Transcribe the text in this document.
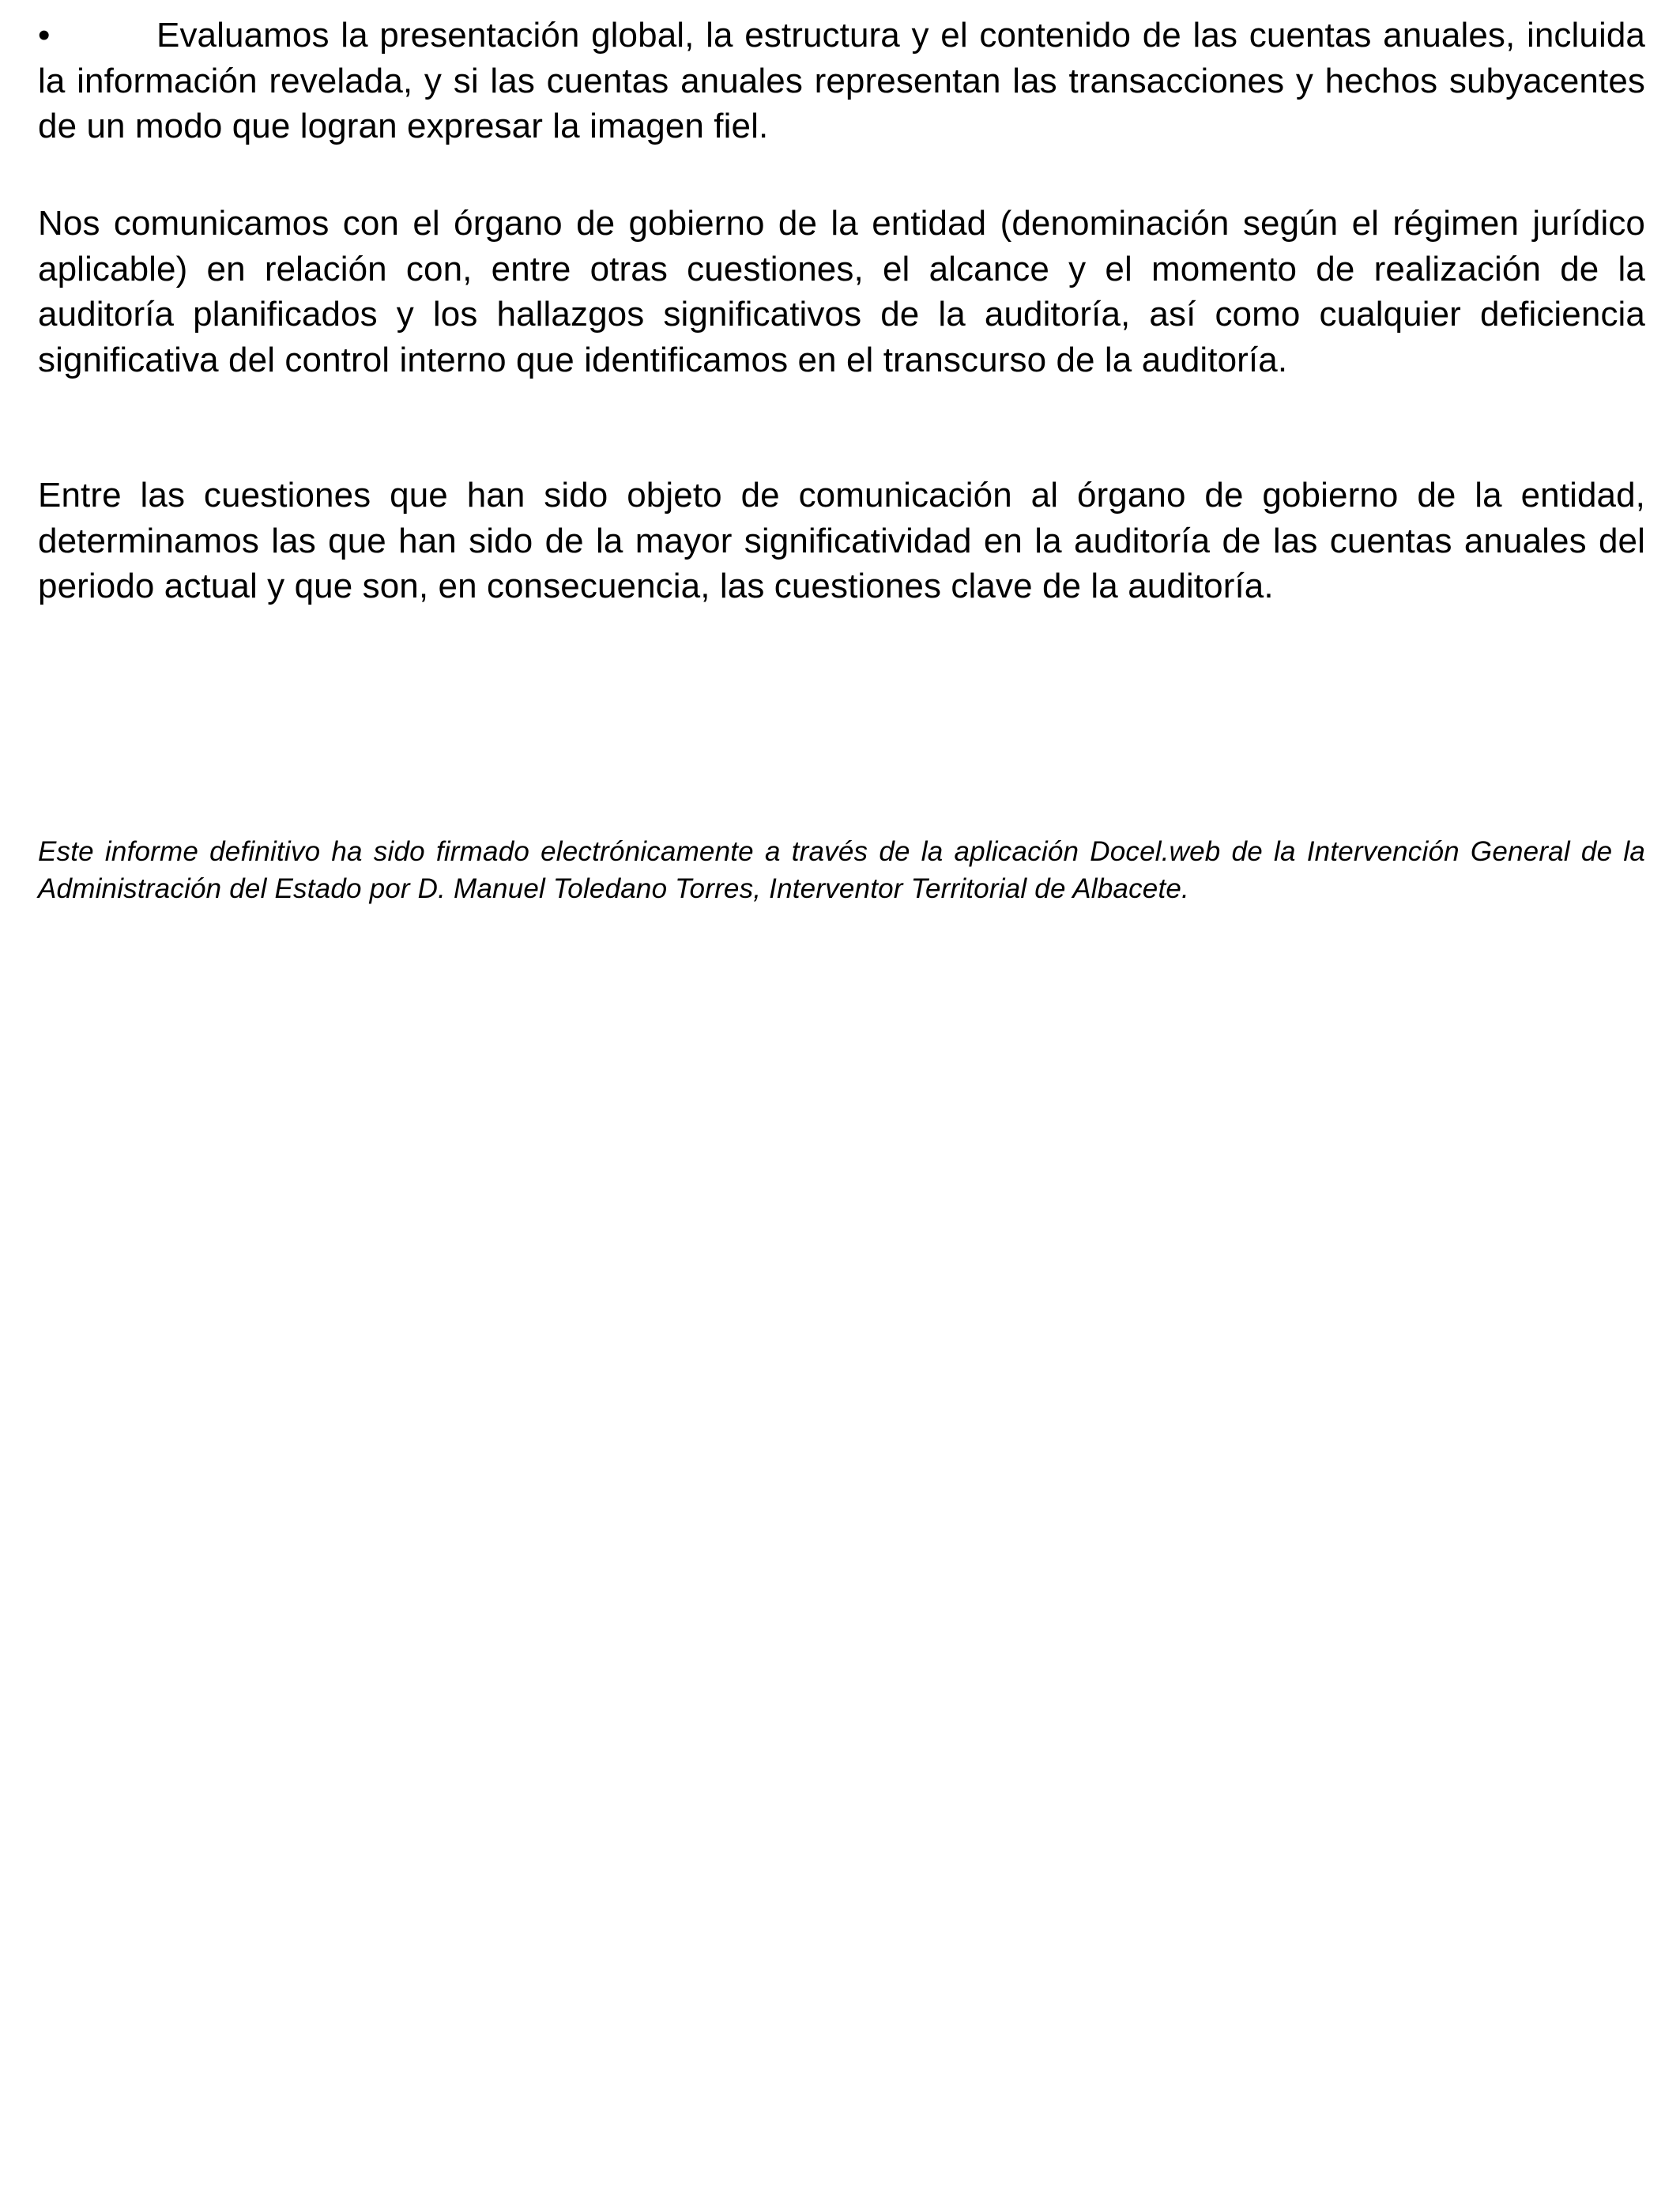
•	Evaluamos la presentación global, la estructura y el contenido de las cuentas anuales, incluida la información revelada, y si las cuentas anuales representan las transacciones y hechos subyacentes de un modo que logran expresar la imagen fiel.

Nos comunicamos con el órgano de gobierno de la entidad (denominación según el régimen jurídico aplicable) en relación con, entre otras cuestiones, el alcance y el momento de realización de la auditoría planificados y los hallazgos significativos de la auditoría, así como cualquier deficiencia significativa del control interno que identificamos en el transcurso de la auditoría.

Entre las cuestiones que han sido objeto de comunicación al órgano de gobierno de la entidad, determinamos las que han sido de la mayor significatividad en la auditoría de las cuentas anuales del periodo actual y que son, en consecuencia, las cuestiones clave de la auditoría.

Este informe definitivo ha sido firmado electrónicamente a través de la aplicación Docel.web de la Intervención General de la Administración del Estado por D. Manuel Toledano Torres, Interventor Territorial de Albacete.
